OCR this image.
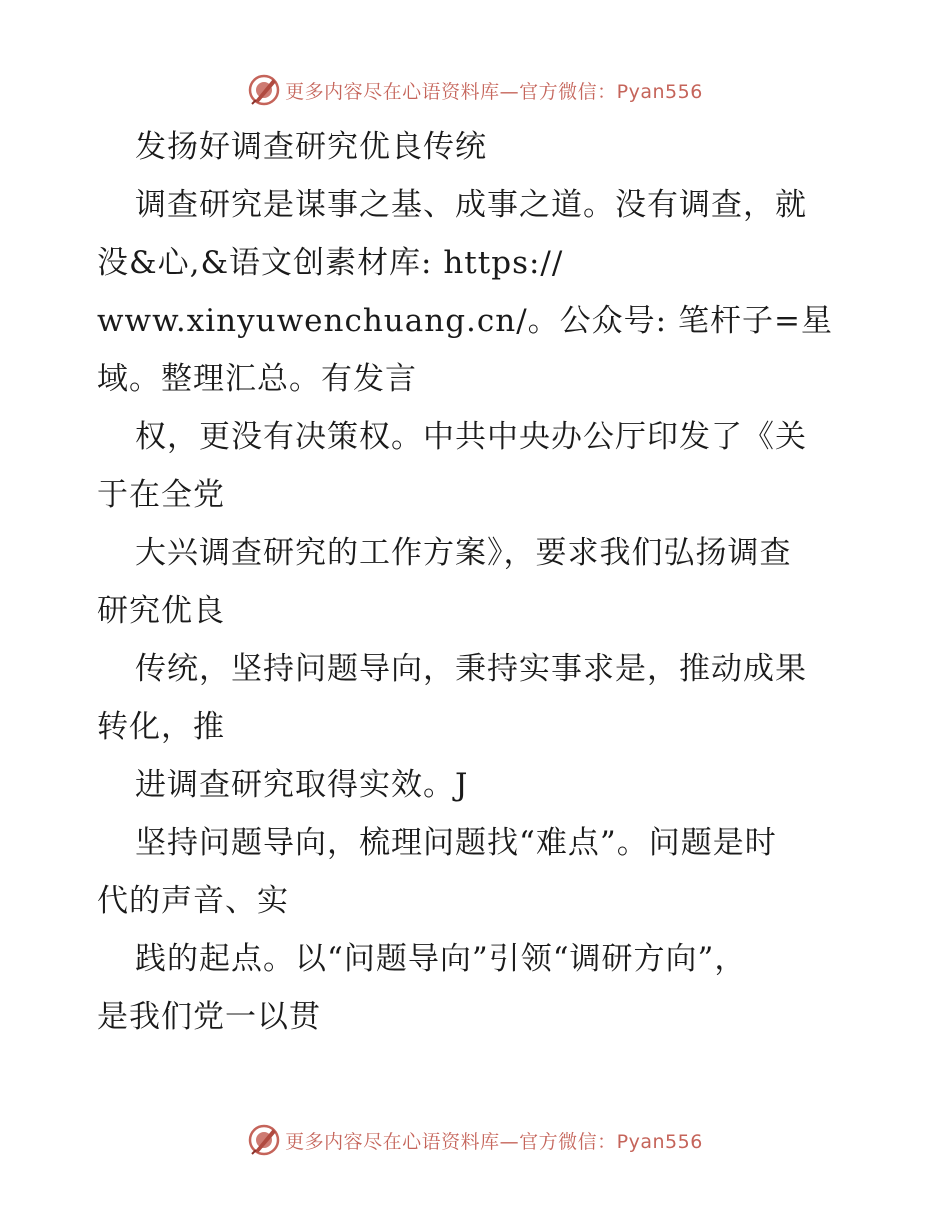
更多内容尽在心语资料库—官方微信：Pyan556
发扬好调查研究优良传统
调查研究是谋事之基、成事之道。没有调查，就
没&心,&语文创素材库: https://
www.xinyuwenchuang.cn/。公众号: 笔杆子=星
域。整理汇总。有发言
权，更没有决策权。中共中央办公厅印发了《关
于在全党
大兴调查研究的工作方案》，要求我们弘扬调查
研究优良
传统，坚持问题导向，秉持实事求是，推动成果
转化，推
进调查研究取得实效。J
坚持问题导向，梳理问题找“难点”。问题是时
代的声音、实
践的起点。以“问题导向”引领“调研方向”，
是我们党一以贯
更多内容尽在心语资料库—官方微信：Pyan556
